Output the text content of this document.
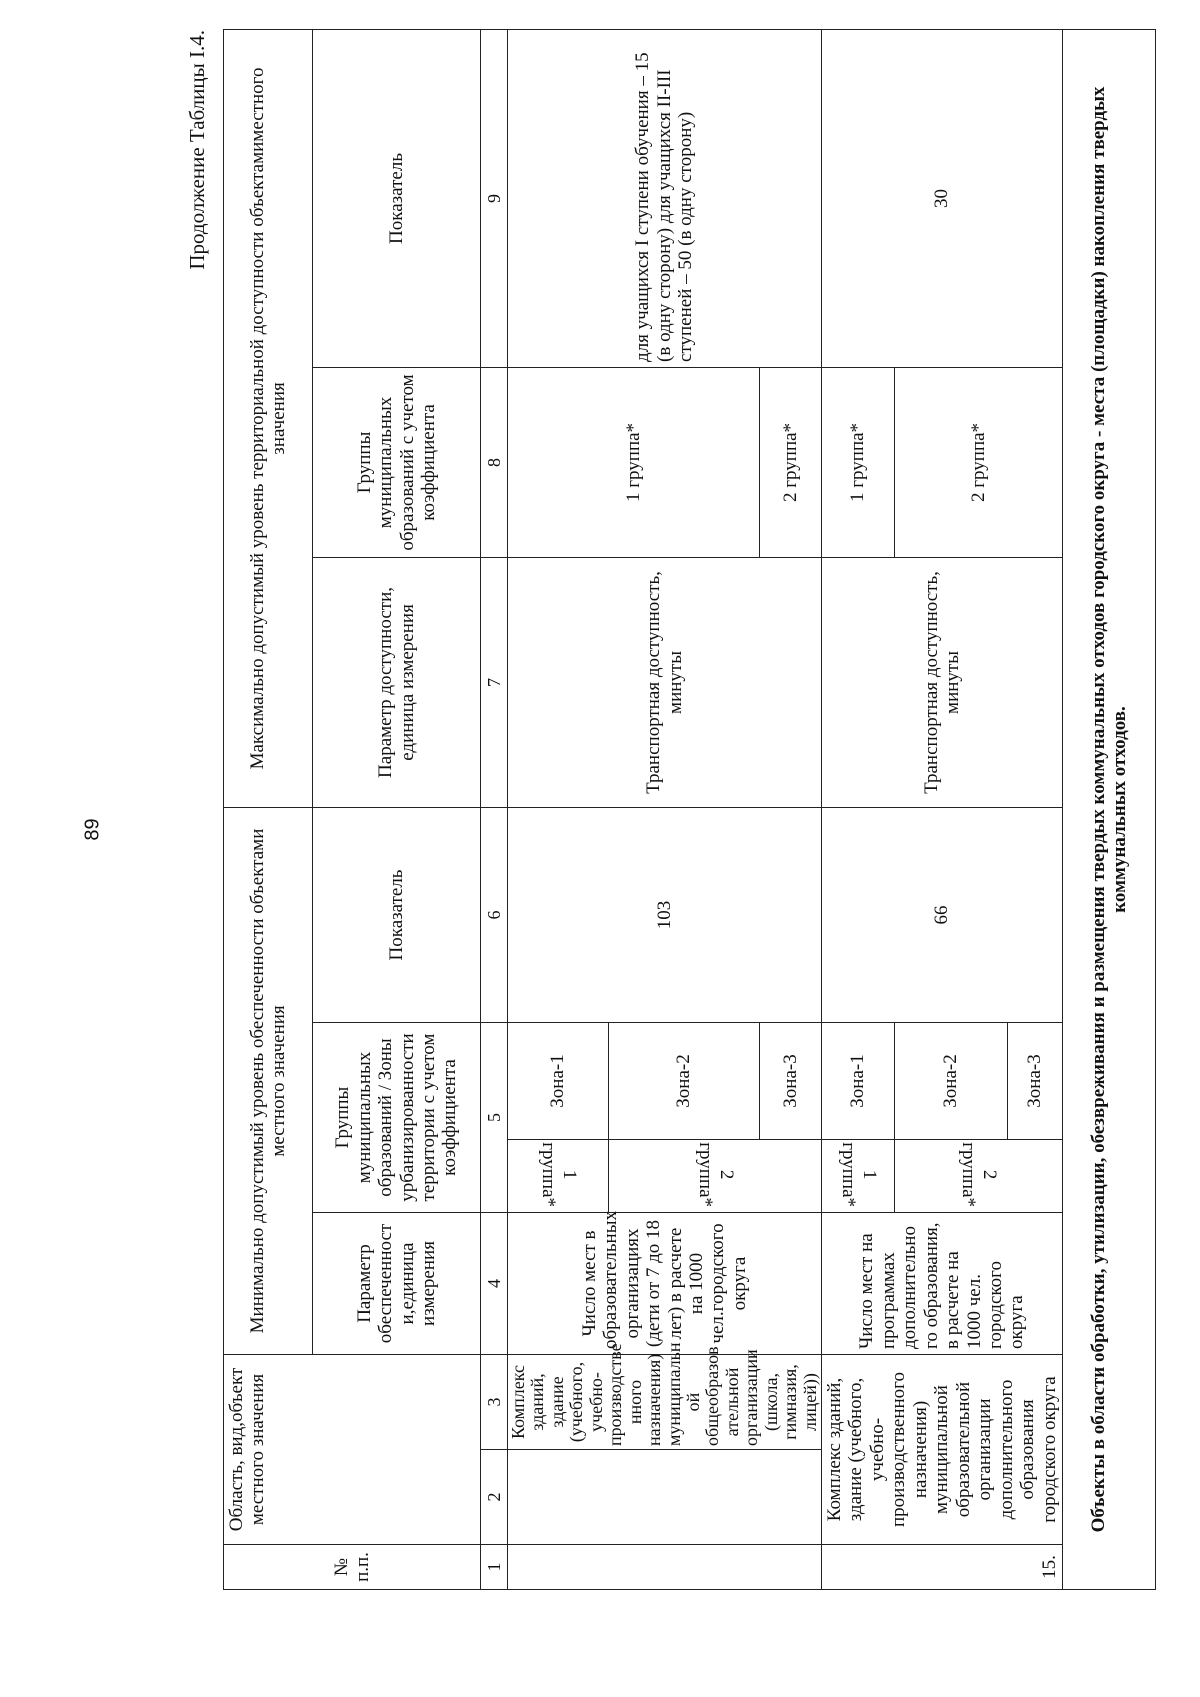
89
Продолжение Таблицы I.4.
№ п.п.	Область, вид,объект местного значения		Минимально допустимый уровень обеспеченности объектами местного значения				Максимально допустимый уровень территориальной доступности объектамиместного значения		
			Параметр обеспеченност и,единица измерения	Группы муниципальных образований / Зоны урбанизированности территории с учетом коэффициента		Показатель	Параметр доступности, единица измерения	Группы муниципальных образований с учетом коэффициента	Показатель
1	2	3	4	5		6	7	8	9
		Комплекс зданий, здание (учебного, учебно-производстве нного назначения) муниципальн ой общеобразов ательной организации (школа, гимназия, лицей))	Число мест в образовательных организациях (дети от 7 до 18 лет) в расчете на 1000 чел.городского округа	1 группа*	Зона-1	103	Транспортная доступность, минуты	1 группа*	для учащихся I ступени обучения – 15 (в одну сторону) для учащихся II-III ступеней – 50 (в одну сторону)
				2 группа*	Зона-2				
					Зона-3			2 группа*	
15.	Комплекс зданий, здание (учебного, учебно-производственного назначения) муниципальной образовательной организации дополнительного образования городского округа		Число мест на программах дополнительно го образования, в расчете на 1000 чел. городского округа	1 группа*	Зона-1	66	Транспортная доступность, минуты	1 группа*	30
				2 группа*	Зона-2			2 группа*	
					Зона-3				
Объекты в области обработки, утилизации, обезвреживания и размещения твердых коммунальных отходов городского округа - места (площадки) накопления твердых коммунальных отходов.									
